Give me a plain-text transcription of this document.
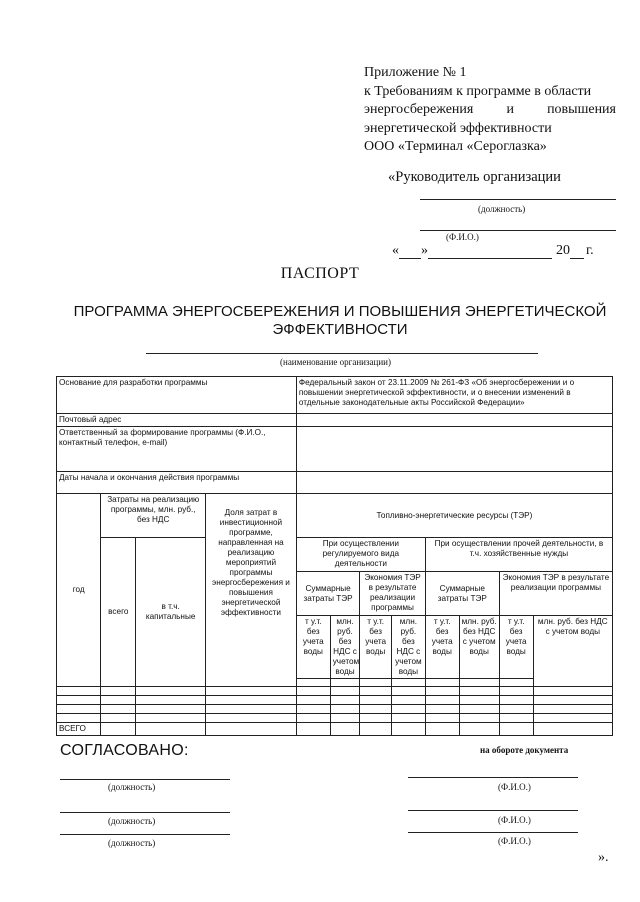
Приложение № 1
к Требованиям к программе в области
энергосбережения и повышения
энергетической эффективности
ООО «Терминал «Сероглазка»
«Руководитель организации
(должность)
(Ф.И.О.)
« »	20 г.
ПАСПОРТ
ПРОГРАММА ЭНЕРГОСБЕРЕЖЕНИЯ И ПОВЫШЕНИЯ ЭНЕРГЕТИЧЕСКОЙ
ЭФФЕКТИВНОСТИ
(наименование организации)
Основание для разработки программы				Федеральный закон от 23.11.2009 № 261-ФЗ «Об энергосбережении и о повышении энергетической эффективности, и о внесении изменений в отдельные законодательные акты Российской Федерации»							
Почтовый адрес											
Ответственный за формирование программы (Ф.И.О., контактный телефон, e-mail)											
Даты начала и окончания действия программы											
год	Затраты на реализацию программы, млн. руб., без НДС		Доля затрат в инвестиционной программе, направленная на реализацию мероприятий программы энергосбережения и повышения энергетической эффективности	Топливно-энергетические ресурсы (ТЭР)							
	всего	в т.ч. капитальные		При осуществлении регулируемого вида деятельности				При осуществлении прочей деятельности, в т.ч. хозяйственные нужды			
				Суммарные затраты ТЭР		Экономия ТЭР в результате реализации программы		Суммарные затраты ТЭР		Экономия ТЭР в результате реализации программы	
				т у.т. без учета воды	млн. руб. без НДС с учетом воды	т у.т. без учета воды	млн. руб. без НДС с учетом воды	т у.т. без учета воды	млн. руб. без НДС с учетом воды	т у.т. без учета воды	млн. руб. без НДС с учетом воды

ВСЕГО											
СОГЛАСОВАНО:	на обороте документа
(должность)	(Ф.И.О.)
(должность)	(Ф.И.О.)
(должность)	(Ф.И.О.)
».
